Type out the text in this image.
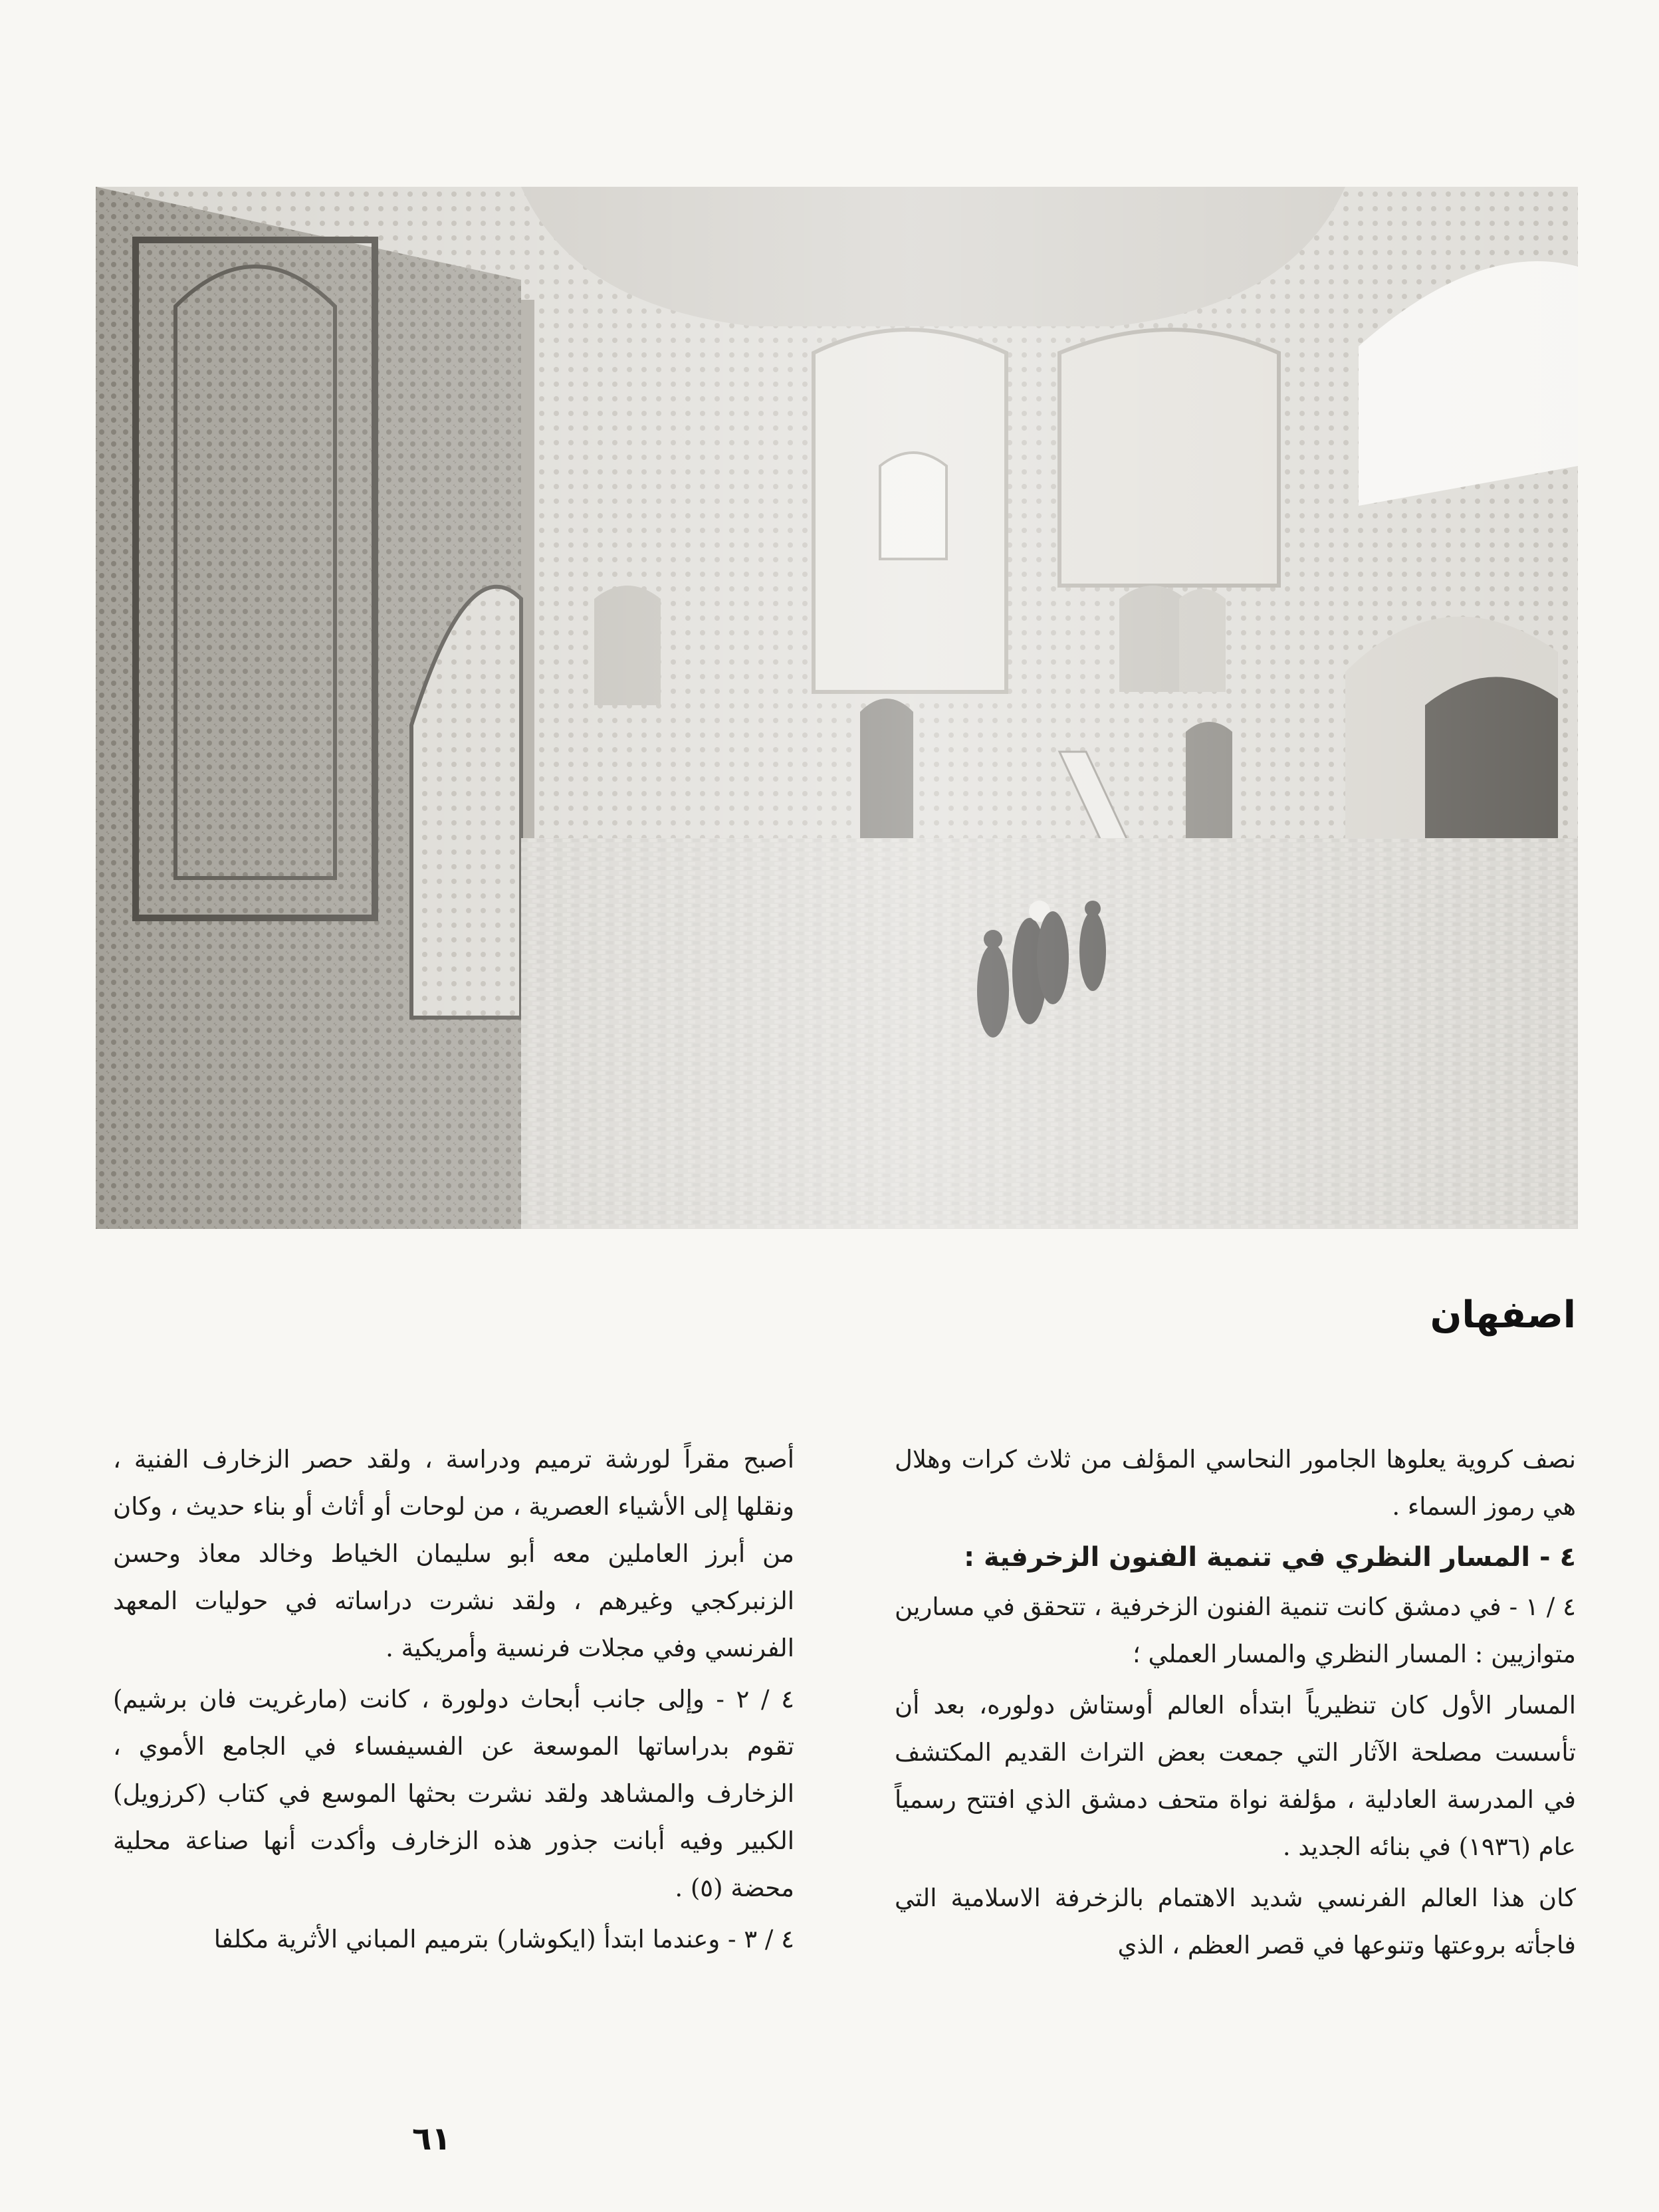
اصفهان

نصف كروية يعلوها الجامور النحاسي المؤلف من ثلاث كرات وهلال هي رموز السماء .

٤ - المسار النظري في تنمية الفنون الزخرفية :

٤ / ١ - في دمشق كانت تنمية الفنون الزخرفية ، تتحقق في مسارين متوازيين : المسار النظري والمسار العملي ؛

المسار الأول كان تنظيرياً ابتدأه العالم أوستاش دولوره، بعد أن تأسست مصلحة الآثار التي جمعت بعض التراث القديم المكتشف في المدرسة العادلية ، مؤلفة نواة متحف دمشق الذي افتتح رسمياً عام (١٩٣٦) في بنائه الجديد .

كان هذا العالم الفرنسي شديد الاهتمام بالزخرفة الاسلامية التي فاجأته بروعتها وتنوعها في قصر العظم ، الذي

أصبح مقراً لورشة ترميم ودراسة ، ولقد حصر الزخارف الفنية ، ونقلها إلى الأشياء العصرية ، من لوحات أو أثاث أو بناء حديث ، وكان من أبرز العاملين معه أبو سليمان الخياط وخالد معاذ وحسن الزنبركجي وغيرهم ، ولقد نشرت دراساته في حوليات المعهد الفرنسي وفي مجلات فرنسية وأمريكية .

٤ / ٢ - وإلى جانب أبحاث دولورة ، كانت (مارغريت فان برشيم) تقوم بدراساتها الموسعة عن الفسيفساء في الجامع الأموي ، الزخارف والمشاهد ولقد نشرت بحثها الموسع في كتاب (كرزويل) الكبير وفيه أبانت جذور هذه الزخارف وأكدت أنها صناعة محلية محضة (٥) .

٤ / ٣ - وعندما ابتدأ (ايكوشار) بترميم المباني الأثرية مكلفا

٦١
